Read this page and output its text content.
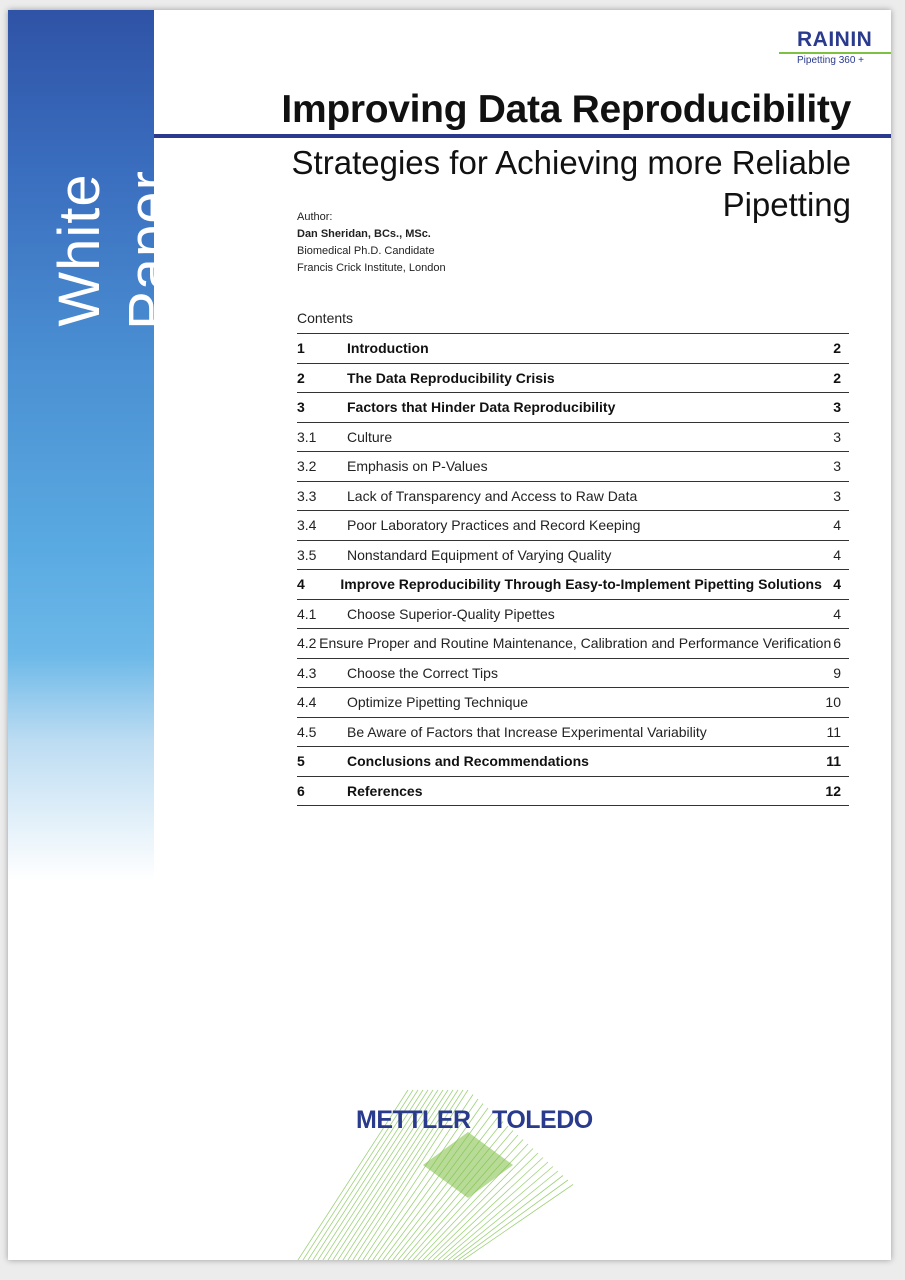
White Paper
RAININ
Pipetting 360 +
Improving Data Reproducibility
Strategies for Achieving more Reliable Pipetting
Author:
Dan Sheridan, BCs., MSc.
Biomedical Ph.D. Candidate
Francis Crick Institute, London
Contents
1	Introduction	2
2	The Data Reproducibility Crisis	2
3	Factors that Hinder Data Reproducibility	3
3.1	Culture	3
3.2	Emphasis on P-Values	3
3.3	Lack of Transparency and Access to Raw Data	3
3.4	Poor Laboratory Practices and Record Keeping	4
3.5	Nonstandard Equipment of Varying Quality	4
4	Improve Reproducibility Through Easy-to-Implement Pipetting Solutions 4
4.1	Choose Superior-Quality Pipettes	4
4.2 Ensure Proper and Routine Maintenance, Calibration and Performance Verification 6
4.3	Choose the Correct Tips	9
4.4	Optimize Pipetting Technique	10
4.5	Be Aware of Factors that Increase Experimental Variability	11
5	Conclusions and Recommendations	11
6	References	12
METTLER TOLEDO
